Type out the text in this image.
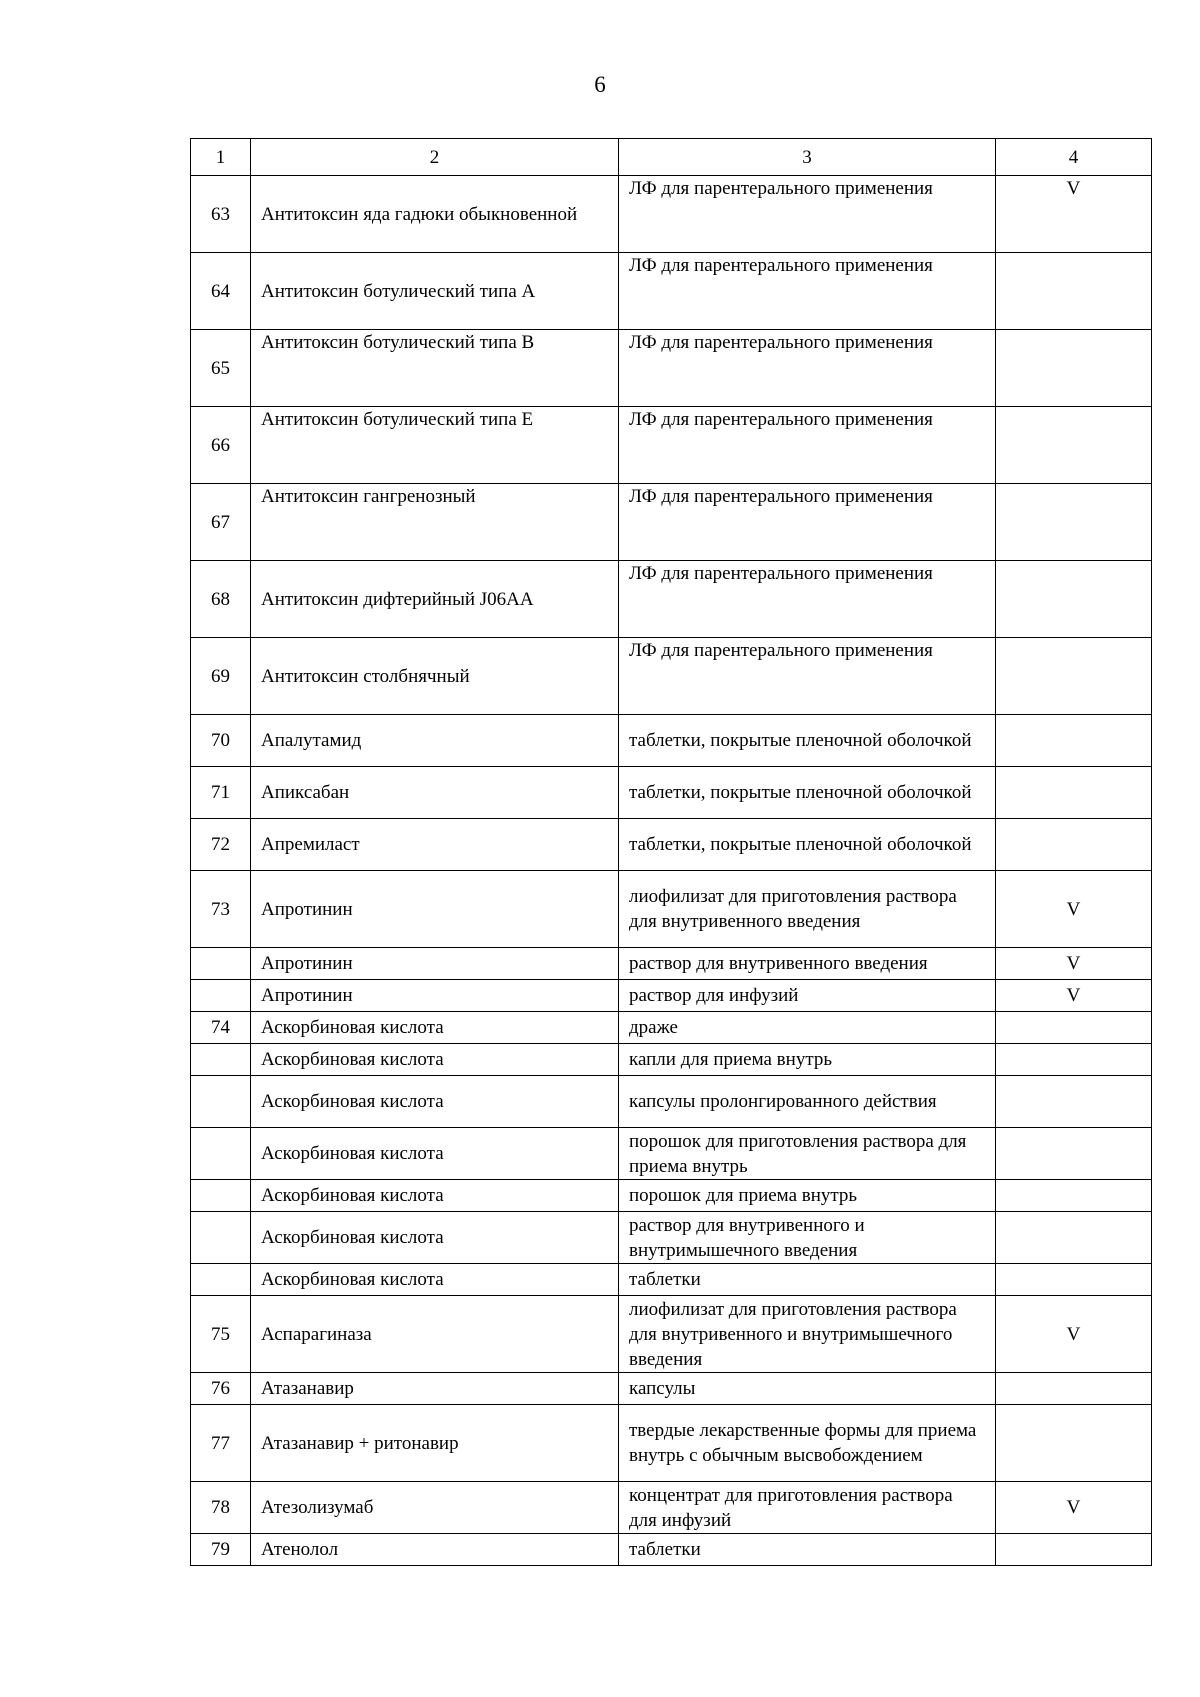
6
1	2	3	4
63	Антитоксин яда гадюки обыкновенной	ЛФ для парентерального применения	V
64	Антитоксин ботулический типа А	ЛФ для парентерального применения	
65	Антитоксин ботулический типа В	ЛФ для парентерального применения	
66	Антитоксин ботулический типа Е	ЛФ для парентерального применения	
67	Антитоксин гангренозный	ЛФ для парентерального применения	
68	Антитоксин дифтерийный J06AA	ЛФ для парентерального применения	
69	Антитоксин столбнячный	ЛФ для парентерального применения	
70	Апалутамид	таблетки, покрытые пленочной оболочкой	
71	Апиксабан	таблетки, покрытые пленочной оболочкой	
72	Апремиласт	таблетки, покрытые пленочной оболочкой	
73	Апротинин	лиофилизат для приготовления раствора для внутривенного введения	V
	Апротинин	раствор для внутривенного введения	V
	Апротинин	раствор для инфузий	V
74	Аскорбиновая кислота	драже	
	Аскорбиновая кислота	капли для приема внутрь	
	Аскорбиновая кислота	капсулы пролонгированного действия	
	Аскорбиновая кислота	порошок для приготовления раствора для приема внутрь	
	Аскорбиновая кислота	порошок для приема внутрь	
	Аскорбиновая кислота	раствор для внутривенного и внутримышечного введения	
	Аскорбиновая кислота	таблетки	
75	Аспарагиназа	лиофилизат для приготовления раствора для внутривенного и внутримышечного введения	V
76	Атазанавир	капсулы	
77	Атазанавир + ритонавир	твердые лекарственные формы для приема внутрь с обычным высвобождением	
78	Атезолизумаб	концентрат для приготовления раствора для инфузий	V
79	Атенолол	таблетки	
